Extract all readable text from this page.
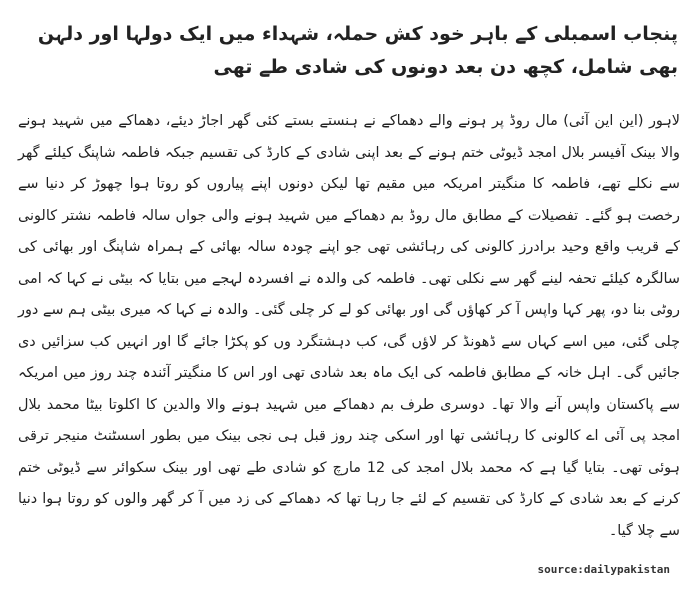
پنجاب اسمبلی کے باہر خود کش حملہ، شہداء میں ایک دولہا اور دلہن بھی شامل، کچھ دن بعد دونوں کی شادی طے تھی
لاہور (این این آئی) مال روڈ پر ہونے والے دھماکے نے ہنستے بستے کئی گھر اجاڑ دیئے، دھماکے میں شہید ہونے والا بینک آفیسر بلال امجد ڈیوٹی ختم ہونے کے بعد اپنی شادی کے کارڈ کی تقسیم جبکہ فاطمہ شاپنگ کیلئے گھر سے نکلے تھے، فاطمہ کا منگیتر امریکہ میں مقیم تھا لیکن دونوں اپنے پیاروں کو روتا ہوا چھوڑ کر دنیا سے رخصت ہو گئے۔ تفصیلات کے مطابق مال روڈ بم دھماکے میں شہید ہونے والی جواں سالہ فاطمہ نشتر کالونی کے قریب واقع وحید برادرز کالونی کی رہائشی تھی جو اپنے چودہ سالہ بھائی کے ہمراہ شاپنگ اور بھائی کی سالگرہ کیلئے تحفہ لینے گھر سے نکلی تھی۔ فاطمہ کی والدہ نے افسردہ لہجے میں بتایا کہ بیٹی نے کہا کہ امی روٹی بنا دو، پھر کہا واپس آ کر کھاؤں گی اور بھائی کو لے کر چلی گئی۔ والدہ نے کہا کہ میری بیٹی ہم سے دور چلی گئی، میں اسے کہاں سے ڈھونڈ کر لاؤں گی، کب دہشتگرد وں کو پکڑا جائے گا اور انہیں کب سزائیں دی جائیں گی۔ اہل خانہ کے مطابق فاطمہ کی ایک ماہ بعد شادی تھی اور اس کا منگیتر آئندہ چند روز میں امریکہ سے پاکستان واپس آنے والا تھا۔ دوسری طرف بم دھماکے میں شہید ہونے والا والدین کا اکلوتا بیٹا محمد بلال امجد پی آئی اے کالونی کا رہائشی تھا اور اسکی چند روز قبل ہی نجی بینک میں بطور اسسٹنٹ منیجر ترقی ہوئی تھی۔ بتایا گیا ہے کہ محمد بلال امجد کی 12 مارچ کو شادی طے تھی اور بینک سکوائر سے ڈیوٹی ختم کرنے کے بعد شادی کے کارڈ کی تقسیم کے لئے جا رہا تھا کہ دھماکے کی زد میں آ کر گھر والوں کو روتا ہوا دنیا سے چلا گیا۔
source:dailypakistan
